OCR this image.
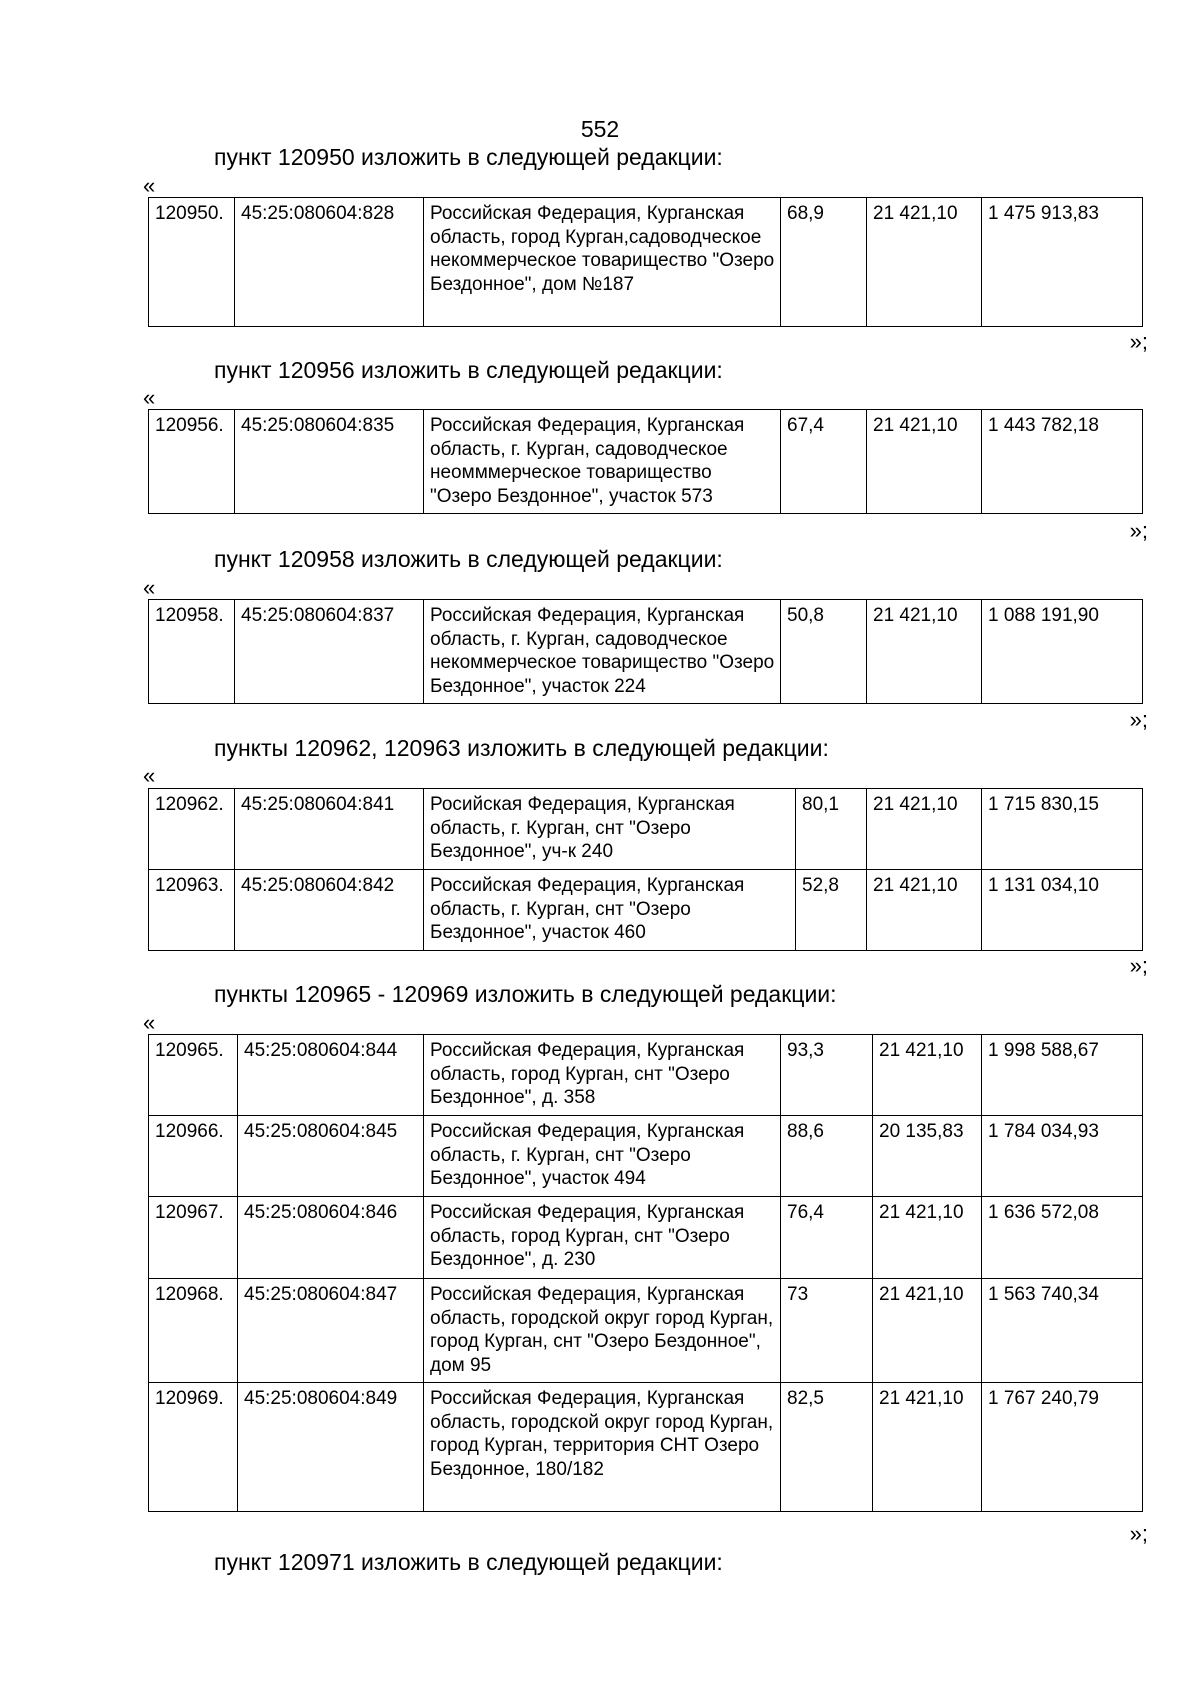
552
пункт 120950 изложить в следующей редакции:
«
120950.	45:25:080604:828	Российская Федерация, Курганская область, город Курган,садоводческое некоммерческое товарищество "Озеро Бездонное", дом №187	68,9	21 421,10	1 475 913,83
»;
пункт 120956 изложить в следующей редакции:
«
120956.	45:25:080604:835	Российская Федерация, Курганская область, г. Курган, садоводческое неомммерческое товарищество "Озеро Бездонное", участок 573	67,4	21 421,10	1 443 782,18
»;
пункт 120958 изложить в следующей редакции:
«
120958.	45:25:080604:837	Российская Федерация, Курганская область, г. Курган, садоводческое некоммерческое товарищество "Озеро Бездонное", участок 224	50,8	21 421,10	1 088 191,90
»;
пункты 120962, 120963 изложить в следующей редакции:
«
120962.	45:25:080604:841	Росийская Федерация, Курганская область, г. Курган, снт "Озеро Бездонное", уч-к 240	80,1	21 421,10	1 715 830,15
120963.	45:25:080604:842	Российская Федерация, Курганская область, г. Курган, снт "Озеро Бездонное", участок 460	52,8	21 421,10	1 131 034,10
»;
пункты 120965 - 120969 изложить в следующей редакции:
«
120965.	45:25:080604:844	Российская Федерация, Курганская область, город Курган, снт "Озеро Бездонное", д. 358	93,3	21 421,10	1 998 588,67
120966.	45:25:080604:845	Российская Федерация, Курганская область, г. Курган, снт "Озеро Бездонное", участок 494	88,6	20 135,83	1 784 034,93
120967.	45:25:080604:846	Российская Федерация, Курганская область, город Курган, снт "Озеро Бездонное", д. 230	76,4	21 421,10	1 636 572,08
120968.	45:25:080604:847	Российская Федерация, Курганская область, городской округ город Курган, город Курган, снт "Озеро Бездонное", дом 95	73	21 421,10	1 563 740,34
120969.	45:25:080604:849	Российская Федерация, Курганская область, городской округ город Курган, город Курган, территория СНТ Озеро Бездонное, 180/182	82,5	21 421,10	1 767 240,79
»;
пункт 120971 изложить в следующей редакции:
